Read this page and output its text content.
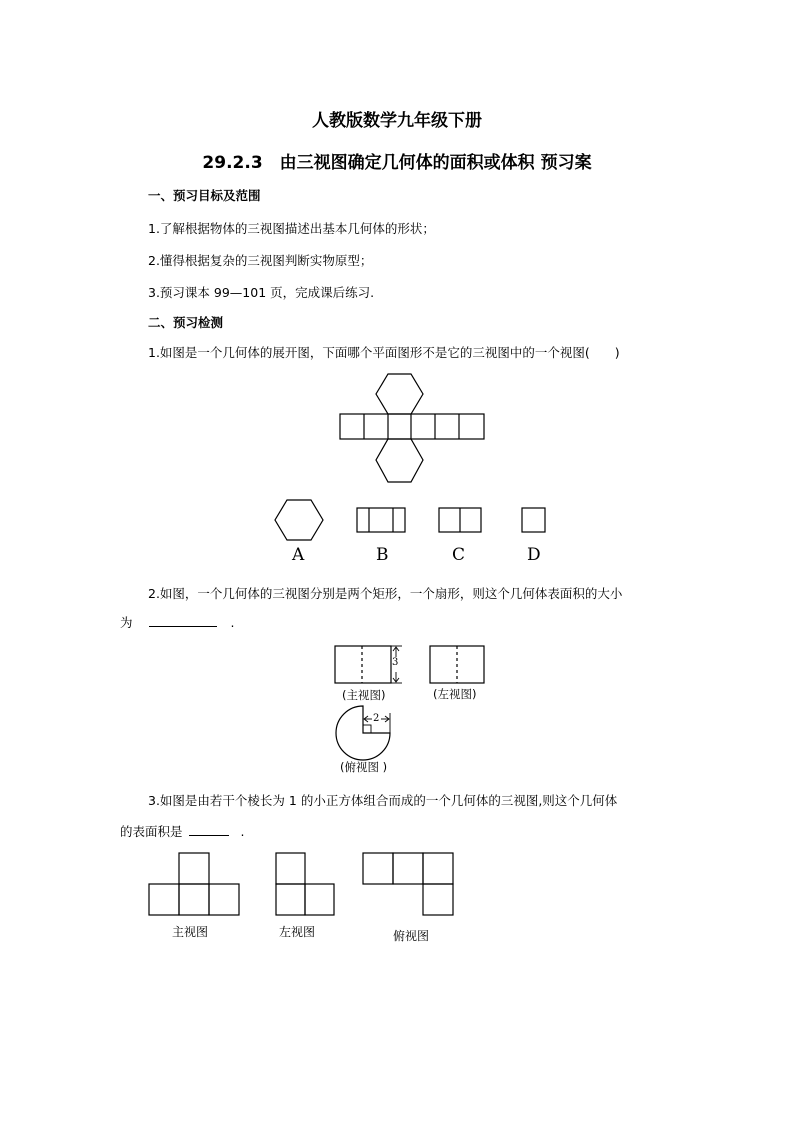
人教版数学九年级下册
29.2.3　由三视图确定几何体的面积或体积 预习案
一、预习目标及范围
1.了解根据物体的三视图描述出基本几何体的形状；
2.懂得根据复杂的三视图判断实物原型；
3.预习课本 99—101 页，完成课后练习.
二、预习检测
1.如图是一个几何体的展开图，下面哪个平面图形不是它的三视图中的一个视图(　　)
A	B	C	D
2.如图，一个几何体的三视图分别是两个矩形，一个扇形，则这个几何体表面积的大小
为	.
3
2
(主视图)	(左视图)
(俯视图 )
3.如图是由若干个棱长为 1 的小正方体组合而成的一个几何体的三视图,则这个几何体
的表面积是	.
主视图	左视图	俯视图
